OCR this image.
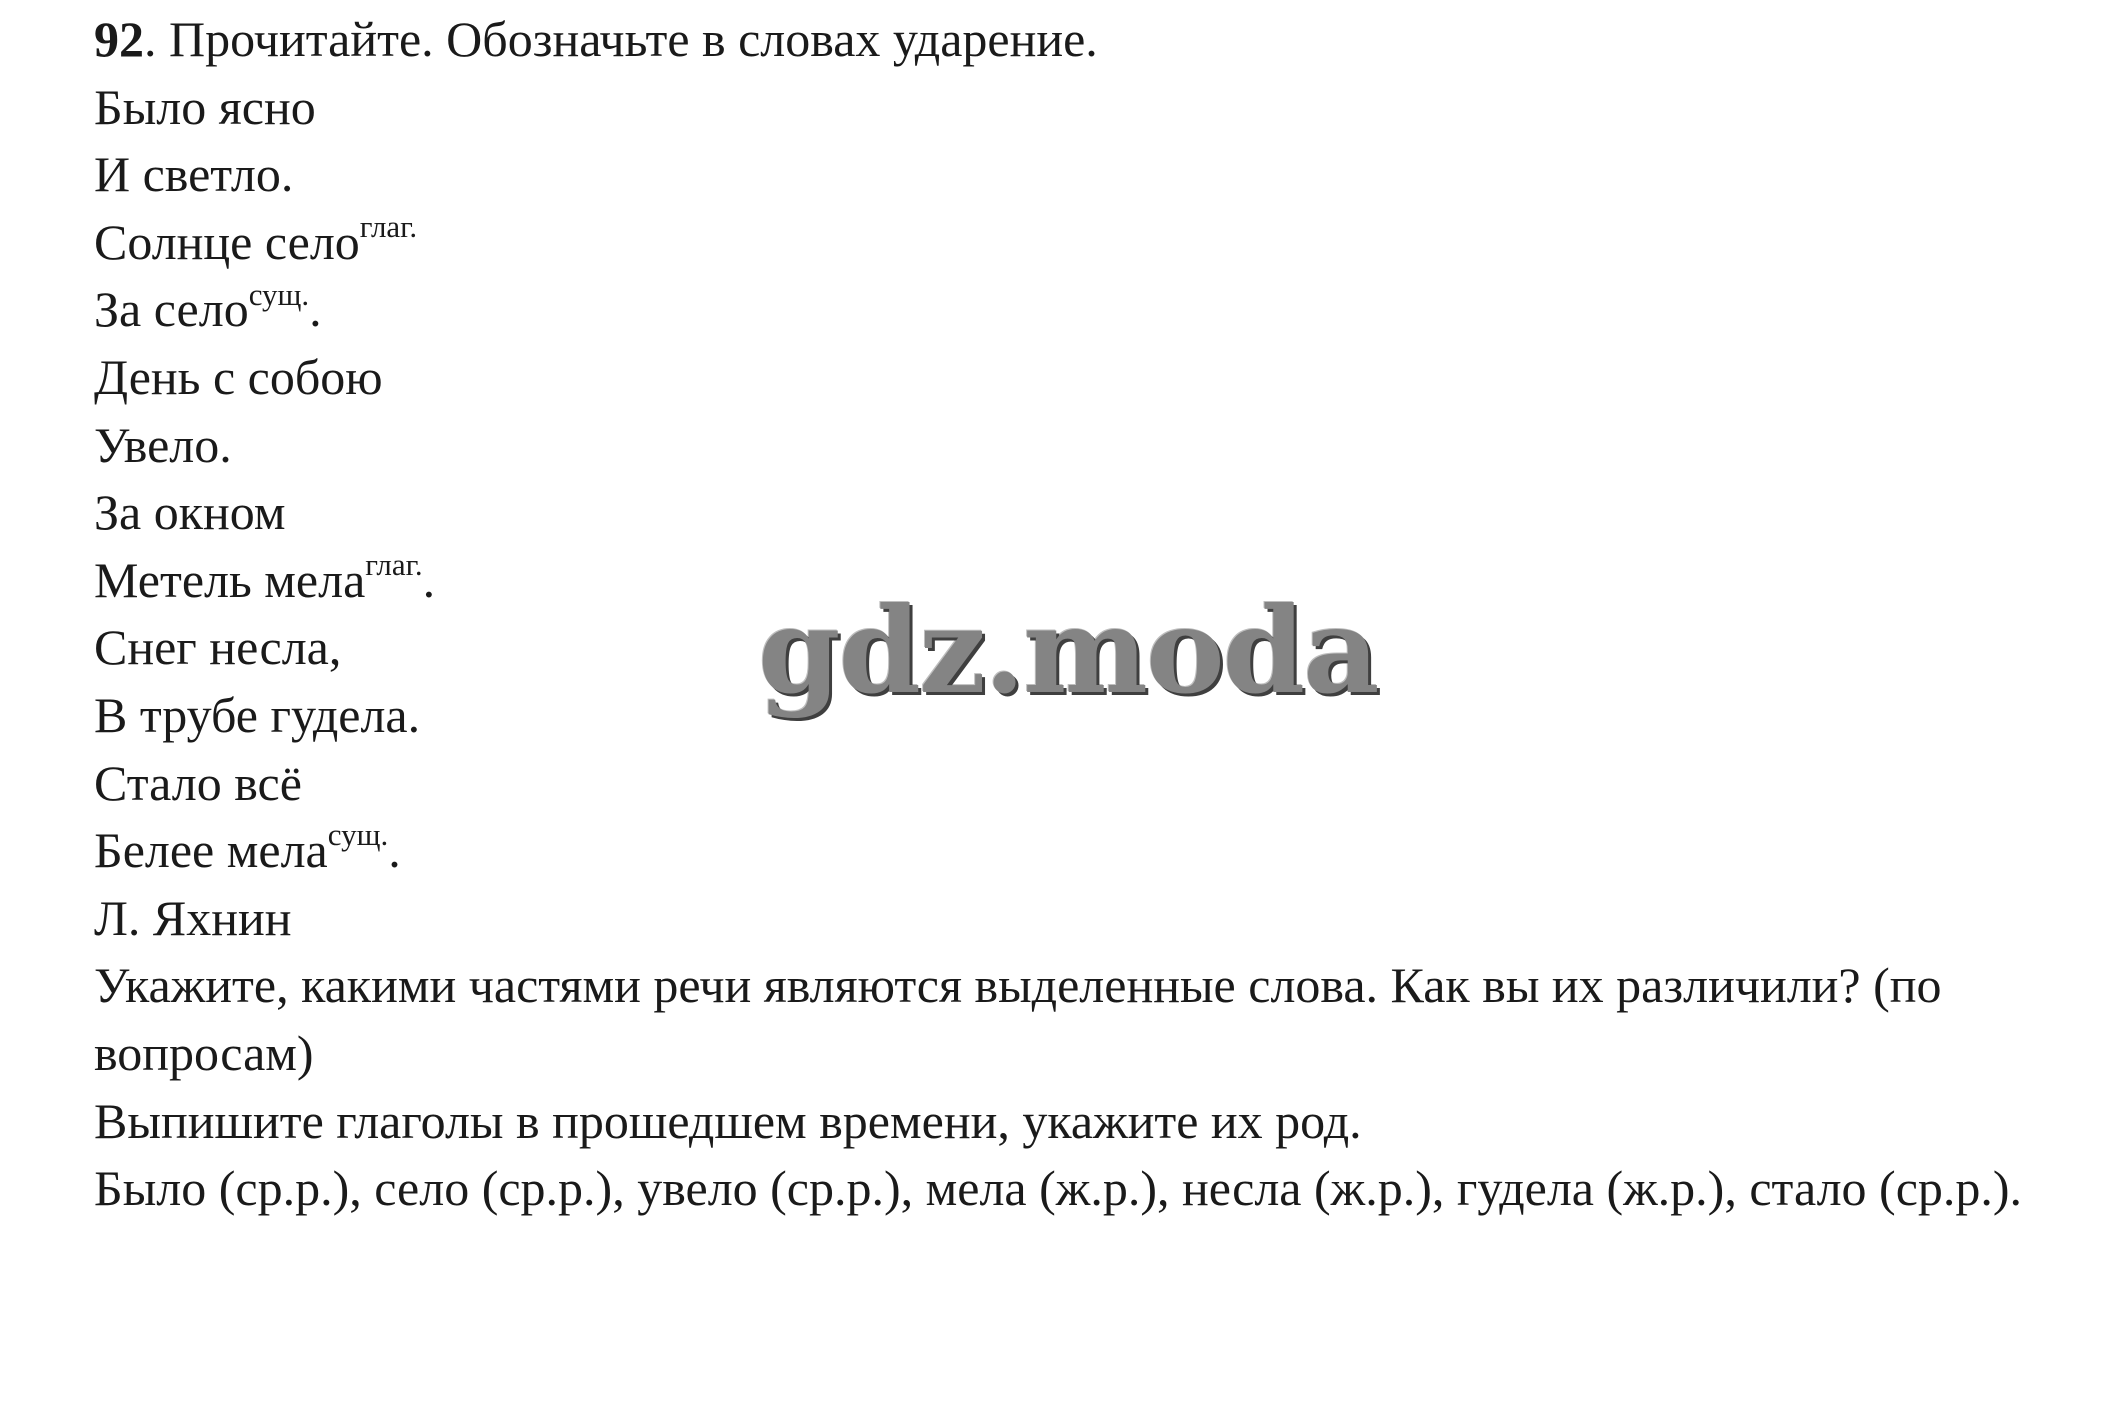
92. Прочитайте. Обозначьте в словах ударение.
Было ясно
И светло.
Солнце село$^{глаг.}$
За село$^{сущ.}$.
День с собою
Увело.
За окном
Метель мела$^{глаг.}$.
Снег несла,
В трубе гудела.
Стало всё
Белее мела$^{сущ.}$.
Л. Яхнин
Укажите, какими частями речи являются выделенные слова. Как вы их различили? (по вопросам)
Выпишите глаголы в прошедшем времени, укажите их род.
Было (ср.р.), село (ср.р.), увело (ср.р.), мела (ж.р.), несла (ж.р.), гудела (ж.р.), стало (ср.р.).
gdz.moda
